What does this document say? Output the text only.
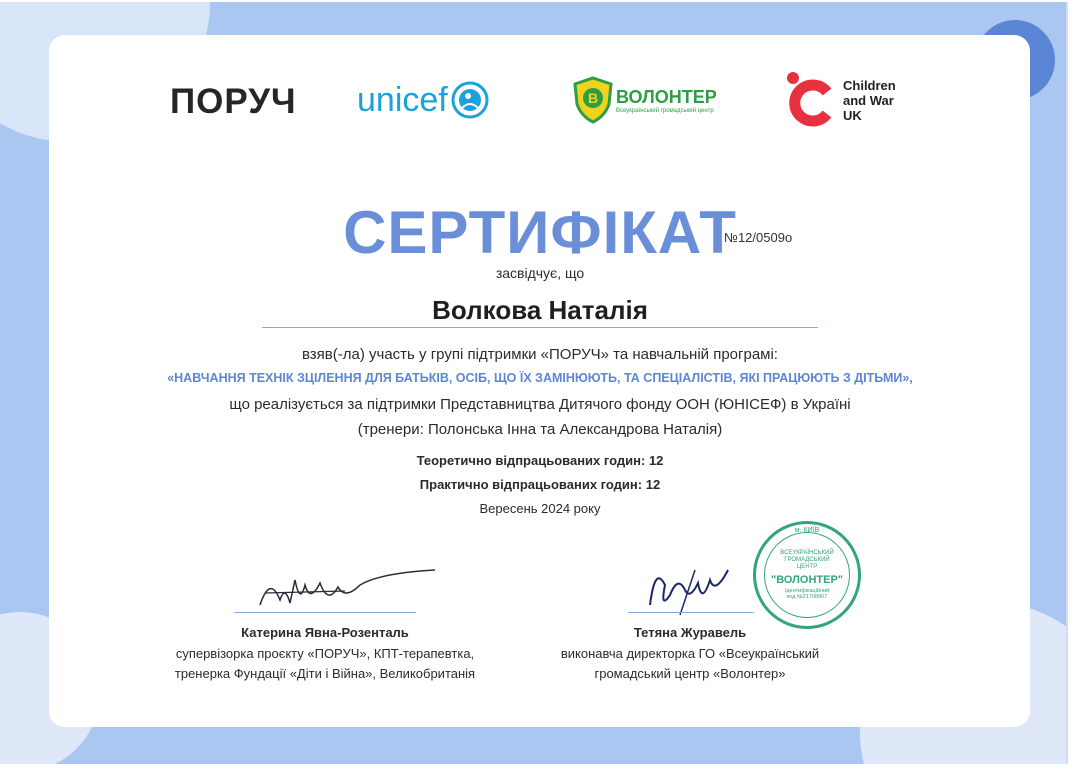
ПОРУЧ unicef	B ВОЛОНТЕР
Всеукраїнський громадський центр
Children
and War
UK
СЕРТИФІКАТ
№12/0509о
засвідчує, що
Волкова Наталія
взяв(-ла) участь у групі підтримки «ПОРУЧ» та навчальній програмі:
«НАВЧАННЯ ТЕХНІК ЗЦІЛЕННЯ ДЛЯ БАТЬКІВ, ОСІБ, ЩО ЇХ ЗАМІНЮЮТЬ, ТА СПЕЦІАЛІСТІВ, ЯКІ ПРАЦЮЮТЬ З ДІТЬМИ»,
що реалізується за підтримки Представництва Дитячого фонду ООН (ЮНІСЕФ) в Україні
(тренери: Полонська Інна та Александрова Наталія)
Теоретично відпрацьованих годин: 12
Практично відпрацьованих годин: 12
Вересень 2024 року
Катерина Явна-Розенталь
супервізорка проєкту «ПОРУЧ», КПТ-терапевтка,
тренерка Фундації «Діти і Війна», Великобританія
Тетяна Журавель
виконавча директорка ГО «Всеукраїнський
громадський центр «Волонтер»
м. КИЇВ
ВСЕУКРАЇНСЬКИЙ ГРОМАДСЬКИЙ ЦЕНТР
"ВОЛОНТЕР"
Ідентифікаційний код №21708967
